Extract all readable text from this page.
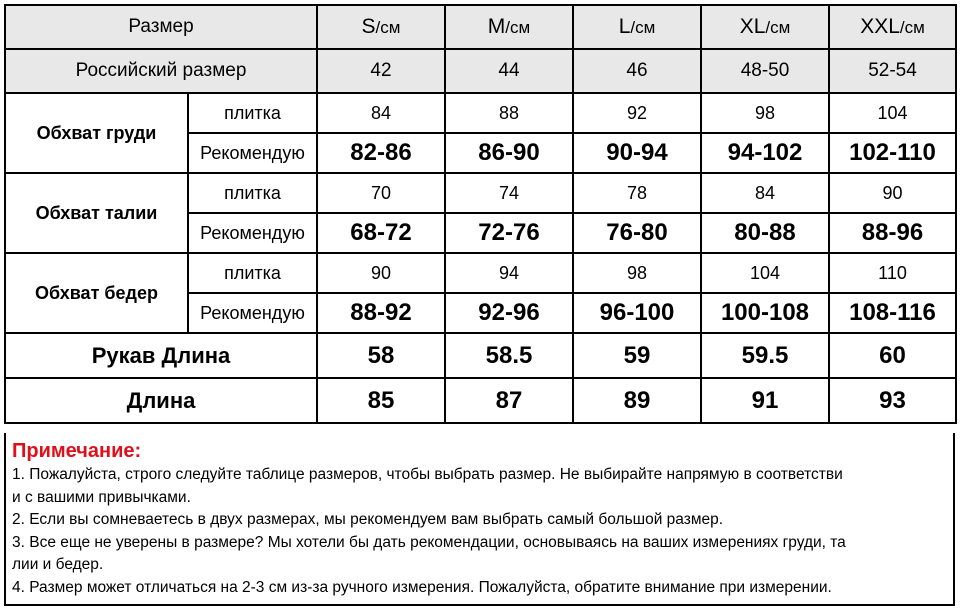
Размер		S/см	M/см	L/см	XL/см	XXL/см
Российский размер		42	44	46	48-50	52-54
Обхват груди	плитка	84	88	92	98	104
	Рекомендую	82-86	86-90	90-94	94-102	102-110
Обхват талии	плитка	70	74	78	84	90
	Рекомендую	68-72	72-76	76-80	80-88	88-96
Обхват бедер	плитка	90	94	98	104	110
	Рекомендую	88-92	92-96	96-100	100-108	108-116
Рукав Длина		58	58.5	59	59.5	60
Длина		85	87	89	91	93
Примечание:
1. Пожалуйста, строго следуйте таблице размеров, чтобы выбрать размер. Не выбирайте напрямую в соответстви
и с вашими привычками.
2. Если вы сомневаетесь в двух размерах, мы рекомендуем вам выбрать самый большой размер.
3. Все еще не уверены в размере? Мы хотели бы дать рекомендации, основываясь на ваших измерениях груди, та
лии и бедер.
4. Размер может отличаться на 2-3 см из-за ручного измерения. Пожалуйста, обратите внимание при измерении.
